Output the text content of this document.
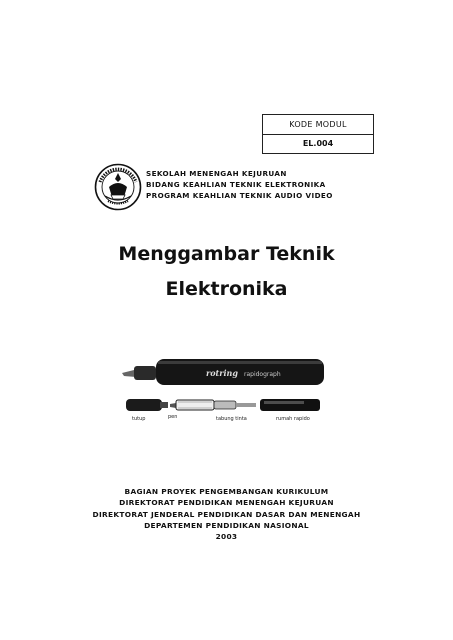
KODE MODUL
EL.004
SEKOLAH MENENGAH KEJURUAN
BIDANG KEAHLIAN TEKNIK ELEKTRONIKA
PROGRAM KEAHLIAN TEKNIK AUDIO VIDEO
Menggambar Teknik
Elektronika
rotring rapidograph
tutup	pen	tabung tinta	rumah rapido
BAGIAN PROYEK PENGEMBANGAN KURIKULUM
DIREKTORAT PENDIDIKAN MENENGAH KEJURUAN
DIREKTORAT JENDERAL PENDIDIKAN DASAR DAN MENENGAH
DEPARTEMEN PENDIDIKAN NASIONAL
2003
